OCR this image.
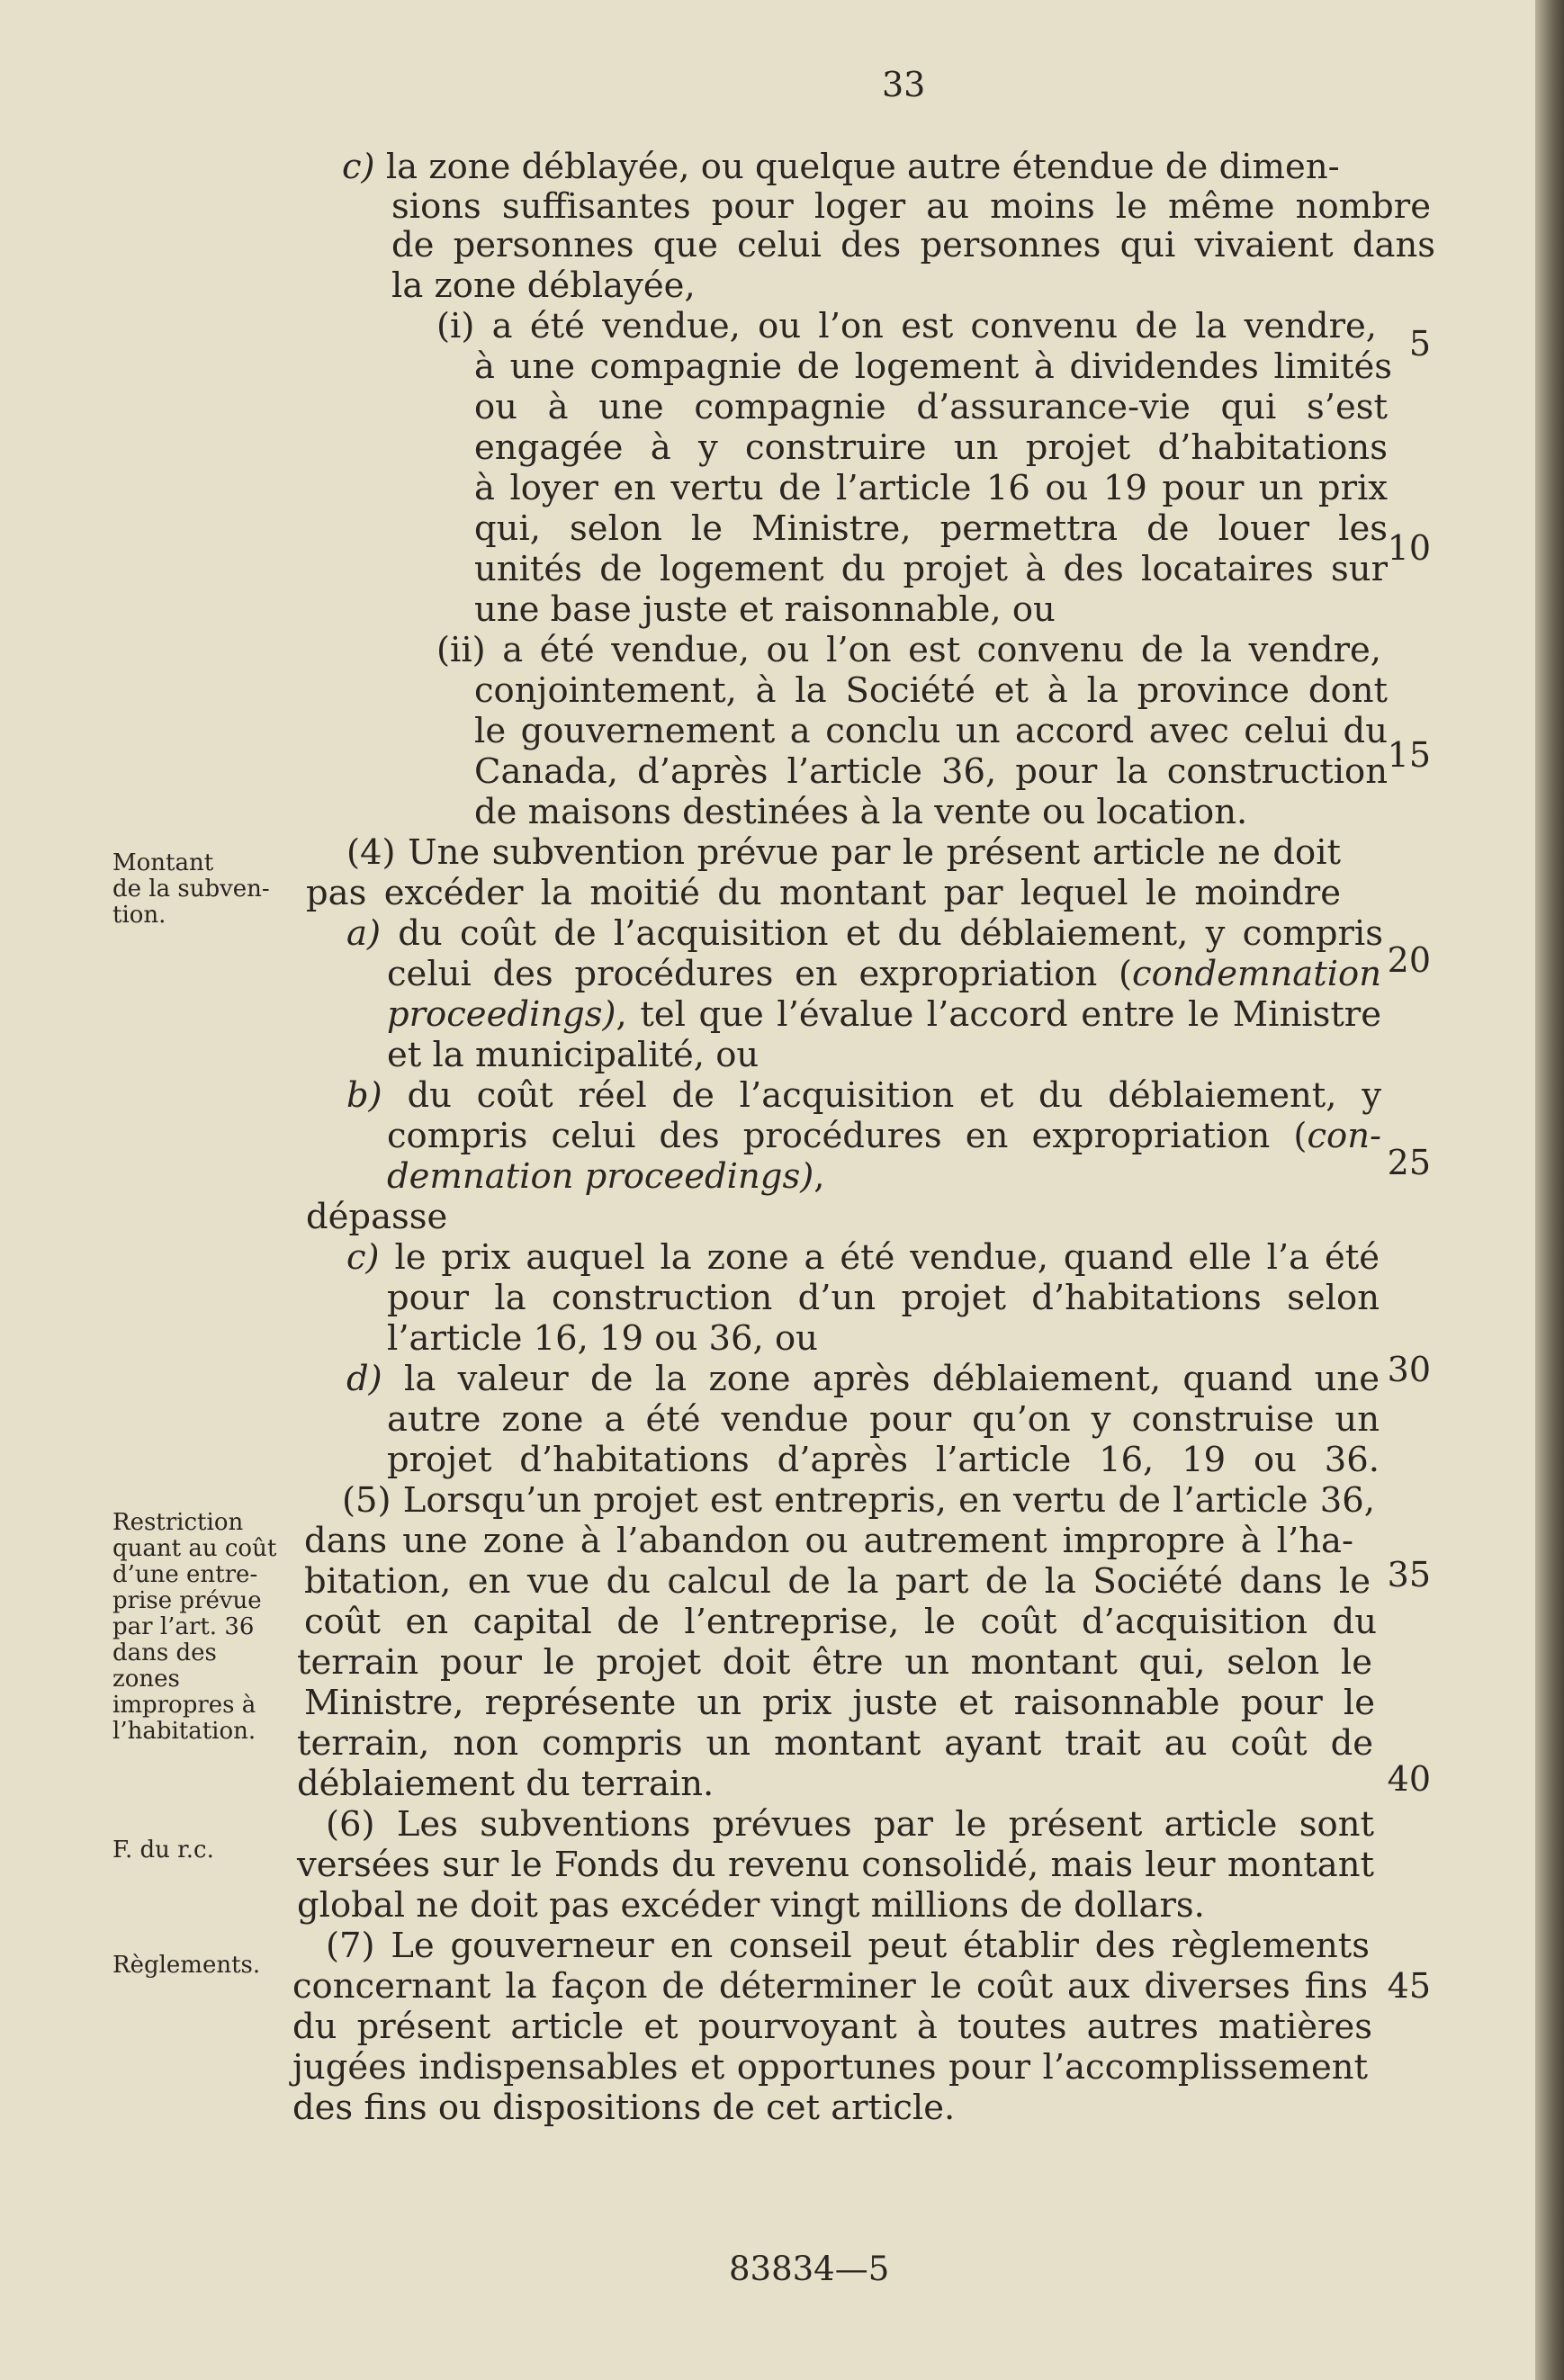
33
Montant
de la subven-
tion.
Restriction
quant au coût
d’une entre-
prise prévue
par l’art. 36
dans des
zones
impropres à
l’habitation.
F. du r.c.
Règlements.
c) la zone déblayée, ou quelque autre étendue de dimen-
sions suffisantes pour loger au moins le même nombre
de personnes que celui des personnes qui vivaient dans
la zone déblayée,
(i) a été vendue, ou l’on est convenu de la vendre,
à une compagnie de logement à dividendes limités
ou à une compagnie d’assurance-vie qui s’est
engagée à y construire un projet d’habitations
à loyer en vertu de l’article 16 ou 19 pour un prix
qui, selon le Ministre, permettra de louer les
unités de logement du projet à des locataires sur
une base juste et raisonnable, ou
(ii) a été vendue, ou l’on est convenu de la vendre,
conjointement, à la Société et à la province dont
le gouvernement a conclu un accord avec celui du
Canada, d’après l’article 36, pour la construction
de maisons destinées à la vente ou location.
(4) Une subvention prévue par le présent article ne doit
pas excéder la moitié du montant par lequel le moindre
a) du coût de l’acquisition et du déblaiement, y compris
celui des procédures en expropriation (condemnation
proceedings), tel que l’évalue l’accord entre le Ministre
et la municipalité, ou
b) du coût réel de l’acquisition et du déblaiement, y
compris celui des procédures en expropriation (con-
demnation proceedings),
dépasse
c) le prix auquel la zone a été vendue, quand elle l’a été
pour la construction d’un projet d’habitations selon
l’article 16, 19 ou 36, ou
d) la valeur de la zone après déblaiement, quand une
autre zone a été vendue pour qu’on y construise un
projet d’habitations d’après l’article 16, 19 ou 36.
(5) Lorsqu’un projet est entrepris, en vertu de l’article 36,
dans une zone à l’abandon ou autrement impropre à l’ha-
bitation, en vue du calcul de la part de la Société dans le
coût en capital de l’entreprise, le coût d’acquisition du
terrain pour le projet doit être un montant qui, selon le
Ministre, représente un prix juste et raisonnable pour le
terrain, non compris un montant ayant trait au coût de
déblaiement du terrain.
(6) Les subventions prévues par le présent article sont
versées sur le Fonds du revenu consolidé, mais leur montant
global ne doit pas excéder vingt millions de dollars.
(7) Le gouverneur en conseil peut établir des règlements
concernant la façon de déterminer le coût aux diverses fins
du présent article et pourvoyant à toutes autres matières
jugées indispensables et opportunes pour l’accomplissement
des fins ou dispositions de cet article.
5
10
15
20
25
30
35
40
45
83834—5
